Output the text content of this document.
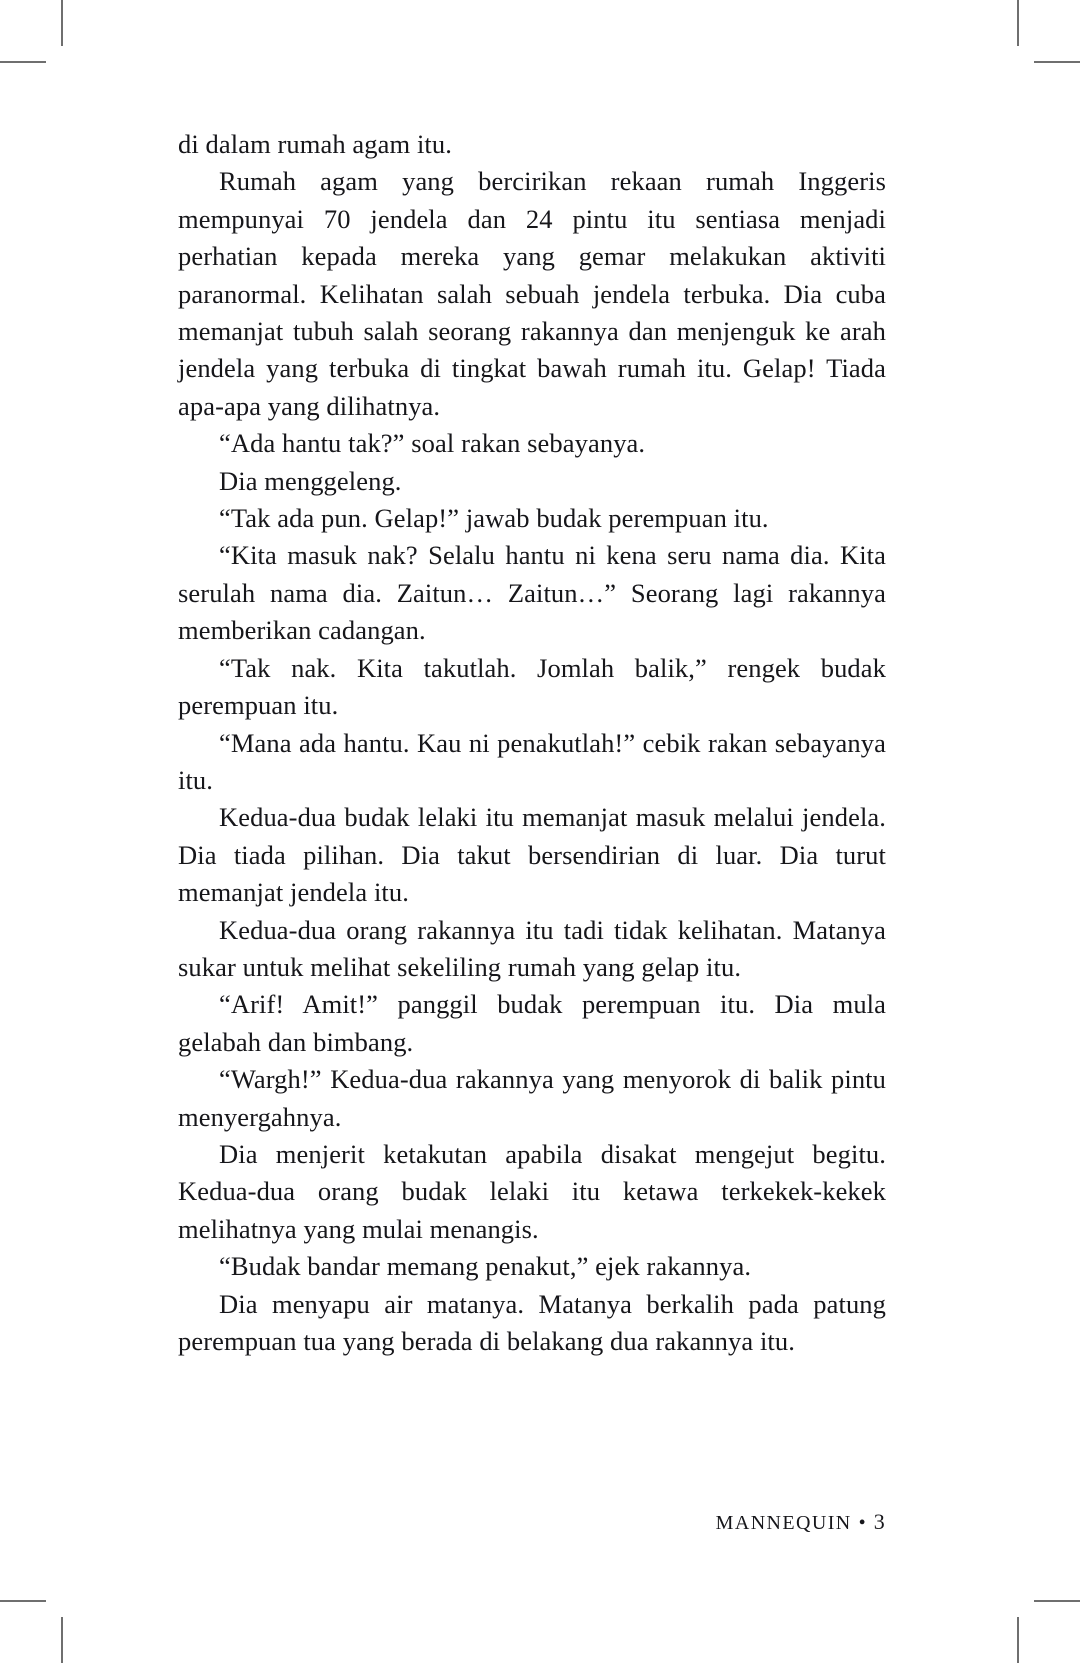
di dalam rumah agam itu.

Rumah agam yang bercirikan rekaan rumah Inggeris mempunyai 70 jendela dan 24 pintu itu sentiasa menjadi perhatian kepada mereka yang gemar melakukan aktiviti paranormal. Kelihatan salah sebuah jendela terbuka. Dia cuba memanjat tubuh salah seorang rakannya dan menjenguk ke arah jendela yang terbuka di tingkat bawah rumah itu. Gelap! Tiada apa-apa yang dilihatnya.

“Ada hantu tak?” soal rakan sebayanya.

Dia menggeleng.

“Tak ada pun. Gelap!” jawab budak perempuan itu.

“Kita masuk nak? Selalu hantu ni kena seru nama dia. Kita serulah nama dia. Zaitun… Zaitun…” Seorang lagi rakannya memberikan cadangan.

“Tak nak. Kita takutlah. Jomlah balik,” rengek budak perempuan itu.

“Mana ada hantu. Kau ni penakutlah!” cebik rakan sebayanya itu.

Kedua-dua budak lelaki itu memanjat masuk melalui jendela. Dia tiada pilihan. Dia takut bersendirian di luar. Dia turut memanjat jendela itu.

Kedua-dua orang rakannya itu tadi tidak kelihatan. Matanya sukar untuk melihat sekeliling rumah yang gelap itu.

“Arif! Amit!” panggil budak perempuan itu. Dia mula gelabah dan bimbang.

“Wargh!” Kedua-dua rakannya yang menyorok di balik pintu menyergahnya.

Dia menjerit ketakutan apabila disakat mengejut begitu. Kedua-dua orang budak lelaki itu ketawa terkekek-kekek melihatnya yang mulai menangis.

“Budak bandar memang penakut,” ejek rakannya.

Dia menyapu air matanya. Matanya berkalih pada patung perempuan tua yang berada di belakang dua rakannya itu.

MANNEQUIN • 3
